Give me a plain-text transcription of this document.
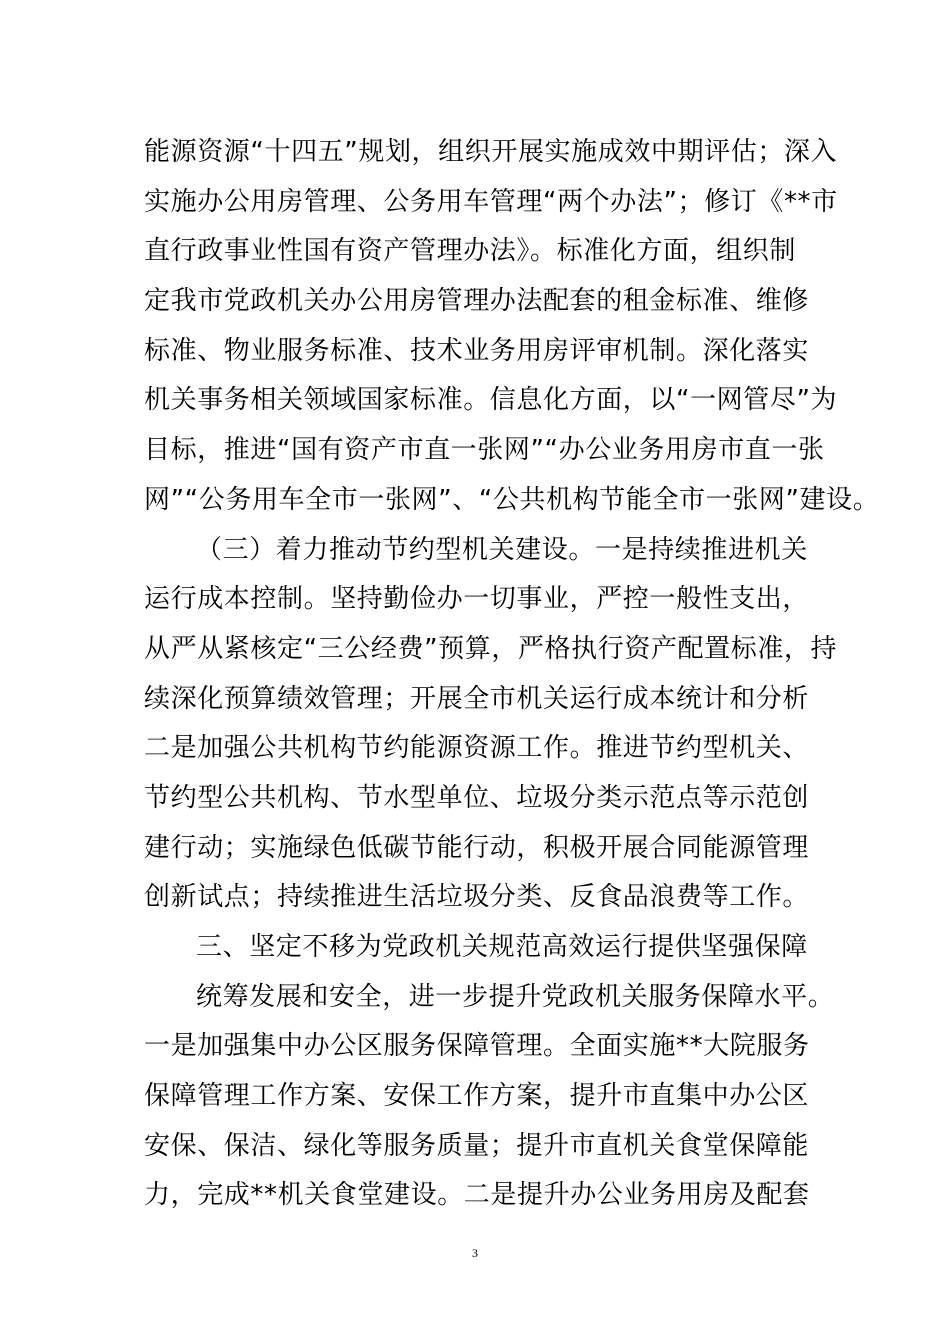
能源资源“十四五”规划，组织开展实施成效中期评估；深入
实施办公用房管理、公务用车管理“两个办法”；修订《**市
直行政事业性国有资产管理办法》。标准化方面，组织制
定我市党政机关办公用房管理办法配套的租金标准、维修
标准、物业服务标准、技术业务用房评审机制。深化落实
机关事务相关领域国家标准。信息化方面，以“一网管尽”为
目标，推进“国有资产市直一张网”“办公业务用房市直一张
网”“公务用车全市一张网”、“公共机构节能全市一张网”建设。
（三）着力推动节约型机关建设。一是持续推进机关
运行成本控制。坚持勤俭办一切事业，严控一般性支出，
从严从紧核定“三公经费”预算，严格执行资产配置标准，持
续深化预算绩效管理；开展全市机关运行成本统计和分析
二是加强公共机构节约能源资源工作。推进节约型机关、
节约型公共机构、节水型单位、垃圾分类示范点等示范创
建行动；实施绿色低碳节能行动，积极开展合同能源管理
创新试点；持续推进生活垃圾分类、反食品浪费等工作。
三、坚定不移为党政机关规范高效运行提供坚强保障
统筹发展和安全，进一步提升党政机关服务保障水平。
一是加强集中办公区服务保障管理。全面实施**大院服务
保障管理工作方案、安保工作方案，提升市直集中办公区
安保、保洁、绿化等服务质量；提升市直机关食堂保障能
力，完成**机关食堂建设。二是提升办公业务用房及配套
3
